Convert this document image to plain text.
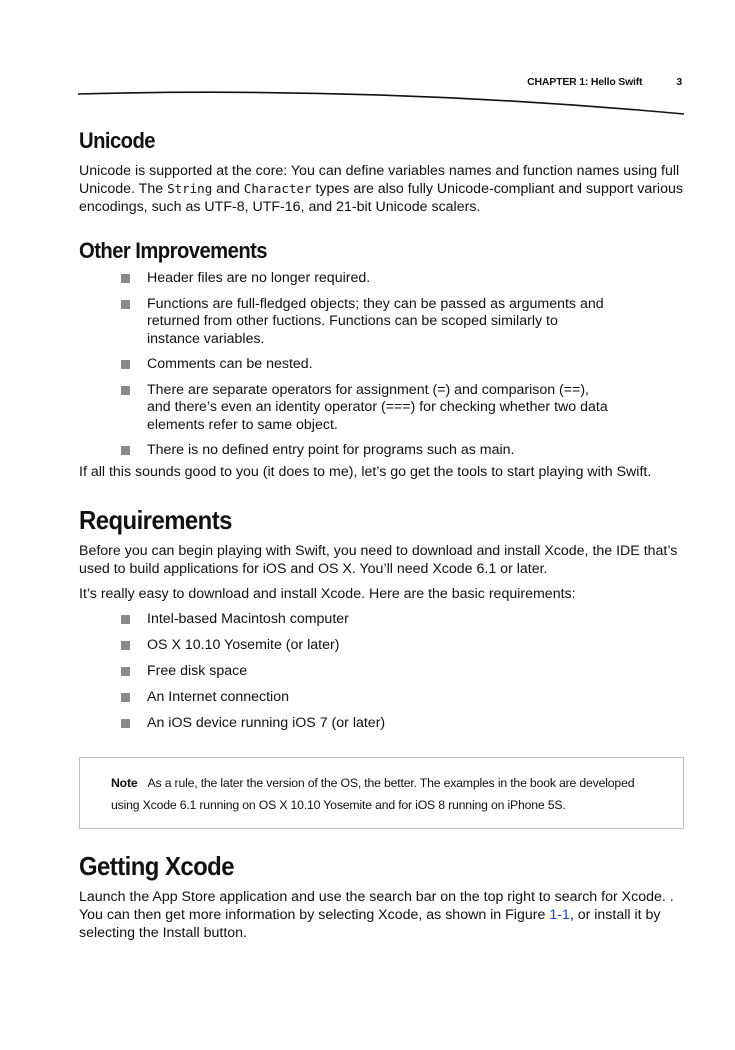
CHAPTER 1: Hello Swift	3
Unicode

Unicode is supported at the core: You can define variables names and function names using full Unicode. The String and Character types are also fully Unicode-compliant and support various encodings, such as UTF-8, UTF-16, and 21-bit Unicode scalers.

Other Improvements
Header files are no longer required.
Functions are full-fledged objects; they can be passed as arguments and returned from other fuctions. Functions can be scoped similarly to instance variables.
Comments can be nested.
There are separate operators for assignment (=) and comparison (==), and there’s even an identity operator (===) for checking whether two data elements refer to same object.
There is no defined entry point for programs such as main.

If all this sounds good to you (it does to me), let’s go get the tools to start playing with Swift.

Requirements

Before you can begin playing with Swift, you need to download and install Xcode, the IDE that’s used to build applications for iOS and OS X. You’ll need Xcode 6.1 or later.

It’s really easy to download and install Xcode. Here are the basic requirements:

Intel-based Macintosh computer
OS X 10.10 Yosemite (or later)
Free disk space
An Internet connection
An iOS device running iOS 7 (or later)
Note As a rule, the later the version of the OS, the better. The examples in the book are developed using Xcode 6.1 running on OS X 10.10 Yosemite and for iOS 8 running on iPhone 5S.
Getting Xcode

Launch the App Store application and use the search bar on the top right to search for Xcode. . You can then get more information by selecting Xcode, as shown in Figure 1-1, or install it by selecting the Install button.
